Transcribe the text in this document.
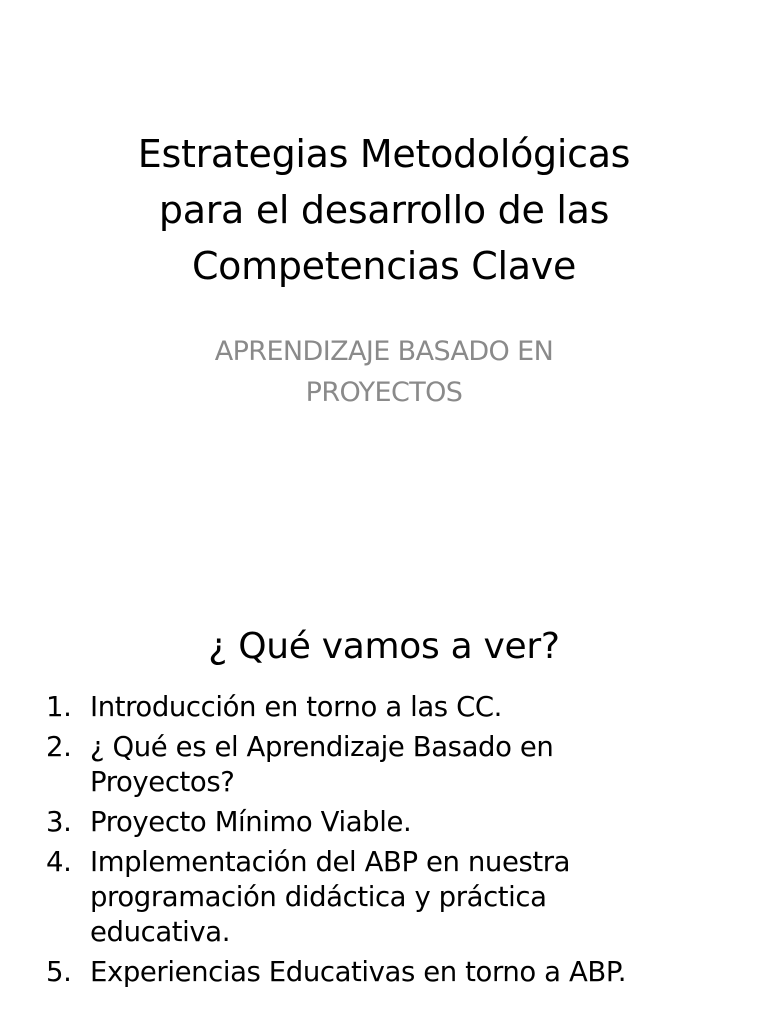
Estrategias Metodológicas
para el desarrollo de las
Competencias Clave
APRENDIZAJE BASADO EN
PROYECTOS
¿ Qué vamos a ver?
1. Introducción en torno a las CC.
2. ¿ Qué es el Aprendizaje Basado en
Proyectos?
3. Proyecto Mínimo Viable.
4. Implementación del ABP en nuestra
programación didáctica y práctica
educativa.
5. Experiencias Educativas en torno a ABP.
